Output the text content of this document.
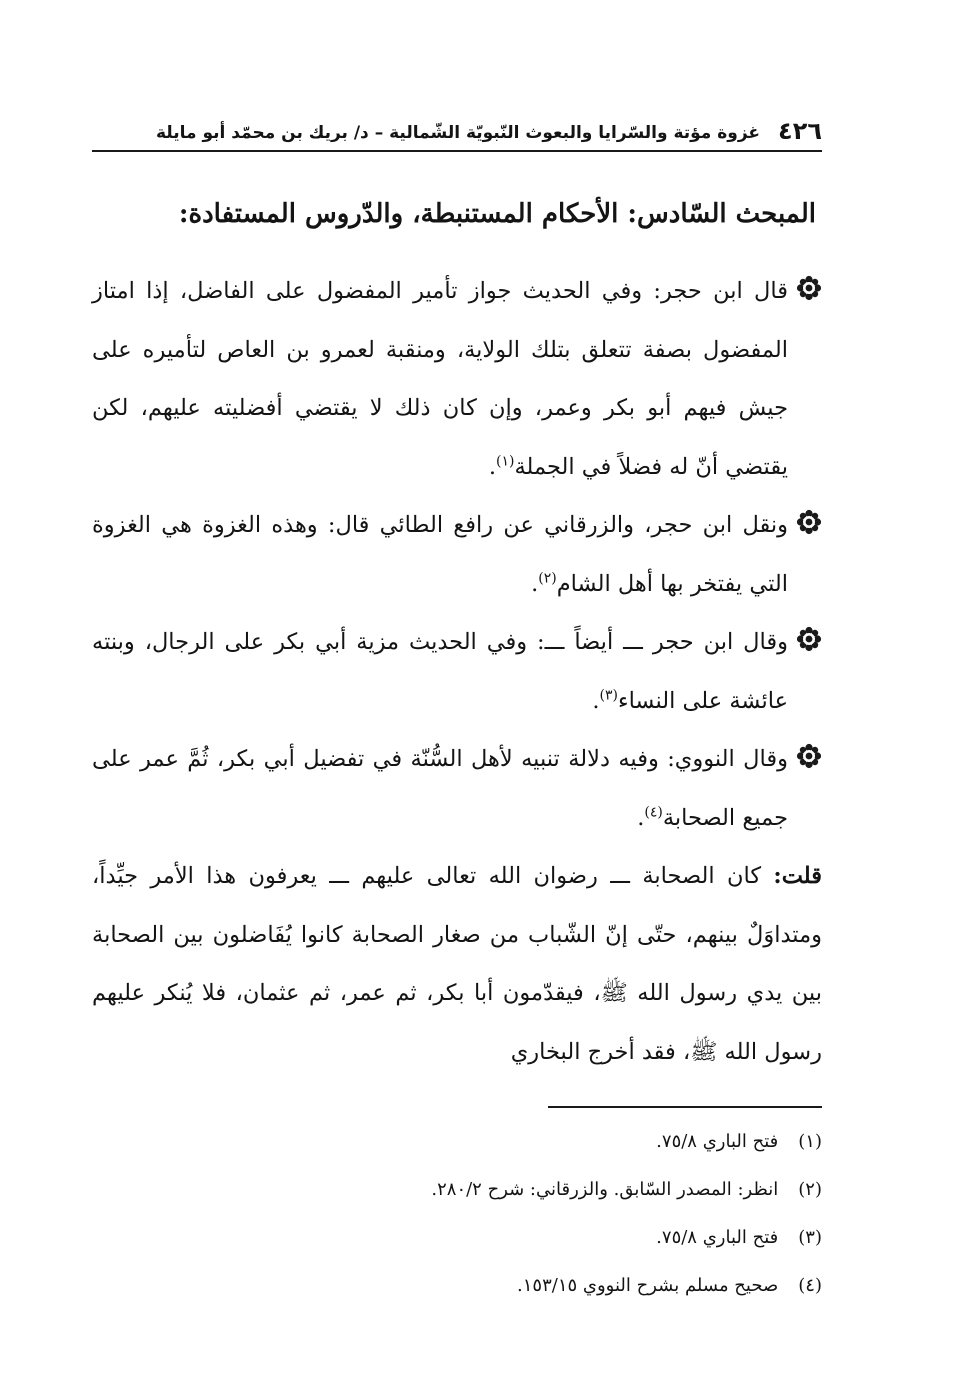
٤٢٦
غزوة مؤتة والسّرايا والبعوث النّبويّة الشّمالية – د/ بريك بن محمّد أبو مايلة
المبحث السّادس: الأحكام المستنبطة، والدّروس المستفادة:

قال ابن حجر: وفي الحديث جواز تأمير المفضول على الفاضل، إذا امتاز المفضول بصفة تتعلق بتلك الولاية، ومنقبة لعمرو بن العاص لتأميره على جيش فيهم أبو بكر وعمر، وإن كان ذلك لا يقتضي أفضليته عليهم، لكن يقتضي أنّ له فضلاً في الجملة$^{(١)}$.

ونقل ابن حجر، والزرقاني عن رافع الطائي قال: وهذه الغزوة هي الغزوة التي يفتخر بها أهل الشام$^{(٢)}$.

وقال ابن حجر ـــ أيضاً ـــ: وفي الحديث مزية أبي بكر على الرجال، وبنته عائشة على النساء$^{(٣)}$.

وقال النووي: وفيه دلالة تنبيه لأهل السُّنّة في تفضيل أبي بكر، ثُمَّ عمر على جميع الصحابة$^{(٤)}$.

قلت: كان الصحابة ـــ رضوان الله تعالى عليهم ـــ يعرفون هذا الأمر جيِّداً، ومتداوَلٌ بينهم، حتّى إنّ الشّباب من صغار الصحابة كانوا يُفَاضلون بين الصحابة بين يدي رسول الله ﷺ، فيقدّمون أبا بكر، ثم عمر، ثم عثمان، فلا يُنكر عليهم رسول الله ﷺ، فقد أخرج البخاري

(١) فتح الباري ٧٥/٨.
(٢) انظر: المصدر السّابق. والزرقاني: شرح ٢٨٠/٢.
(٣) فتح الباري ٧٥/٨.
(٤) صحيح مسلم بشرح النووي ١٥٣/١٥.
